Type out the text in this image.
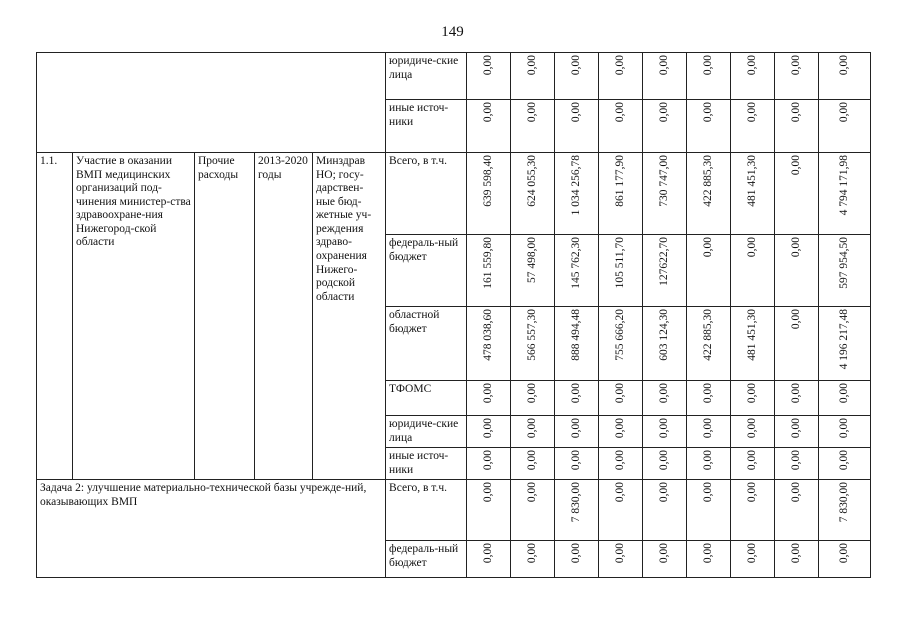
149
					юридиче-ские лица	0,00	0,00	0,00	0,00	0,00	0,00	0,00	0,00	0,00

					иные источ-ники	0,00	0,00	0,00	0,00	0,00	0,00	0,00	0,00	0,00

1.1.	Участие в оказании ВМП медицинских организаций под-чинения министер-ства здравоохране-ния Нижегород-ской области	Прочие расходы	2013-2020 годы	Минздрав НО; госу-дарствен-ные бюд-жетные уч-реждения здраво-охранения Нижего-родской области	Всего, в т.ч.	639 598,40	624 055,30	1 034 256,78	861 177,90	730 747,00	422 885,30	481 451,30	0,00	4 794 171,98

					федераль-ный бюджет	161 559,80	57 498,00	145 762,30	105 511,70	127622,70	0,00	0,00	0,00	597 954,50

					областной бюджет	478 038,60	566 557,30	888 494,48	755 666,20	603 124,30	422 885,30	481 451,30	0,00	4 196 217,48

					ТФОМС	0,00	0,00	0,00	0,00	0,00	0,00	0,00	0,00	0,00

					юридиче-ские лица	0,00	0,00	0,00	0,00	0,00	0,00	0,00	0,00	0,00

					иные источ-ники	0,00	0,00	0,00	0,00	0,00	0,00	0,00	0,00	0,00

Задача 2: улучшение материально-технической базы учрежде-ний, оказывающих ВМП					Всего, в т.ч.	0,00	0,00	7 830,00	0,00	0,00	0,00	0,00	0,00	7 830,00

					федераль-ный бюджет	0,00	0,00	0,00	0,00	0,00	0,00	0,00	0,00	0,00
